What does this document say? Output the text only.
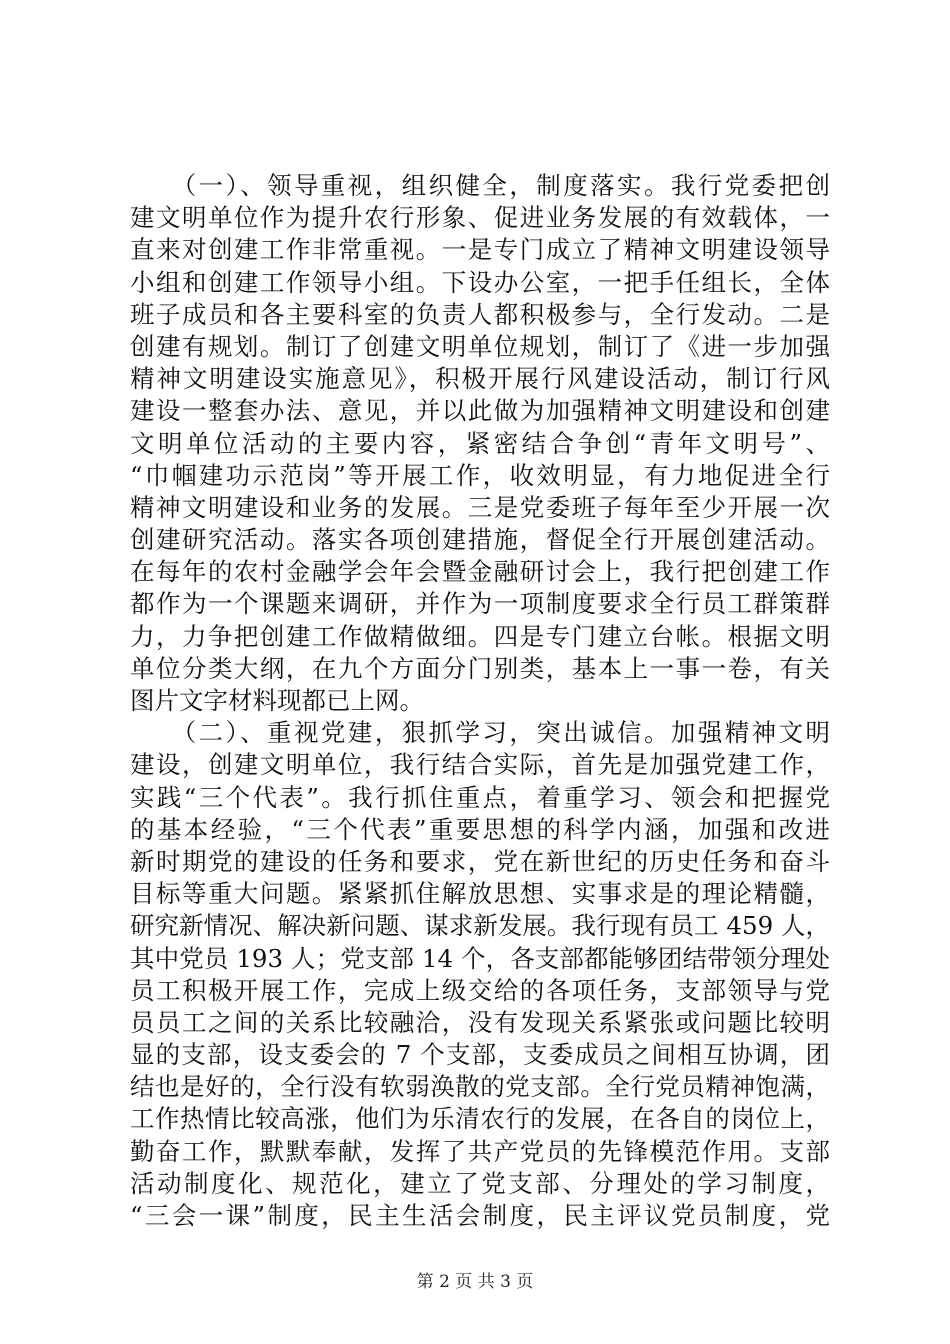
　　（一）、领导重视，组织健全，制度落实。我行党委把创
建文明单位作为提升农行形象、促进业务发展的有效载体，一
直来对创建工作非常重视。一是专门成立了精神文明建设领导
小组和创建工作领导小组。下设办公室，一把手任组长，全体
班子成员和各主要科室的负责人都积极参与，全行发动。二是
创建有规划。制订了创建文明单位规划，制订了《进一步加强
精神文明建设实施意见》，积极开展行风建设活动，制订行风
建设一整套办法、意见，并以此做为加强精神文明建设和创建
文明单位活动的主要内容，紧密结合争创“青年文明号”、
“巾帼建功示范岗”等开展工作，收效明显，有力地促进全行
精神文明建设和业务的发展。三是党委班子每年至少开展一次
创建研究活动。落实各项创建措施，督促全行开展创建活动。
在每年的农村金融学会年会暨金融研讨会上，我行把创建工作
都作为一个课题来调研，并作为一项制度要求全行员工群策群
力，力争把创建工作做精做细。四是专门建立台帐。根据文明
单位分类大纲，在九个方面分门别类，基本上一事一卷，有关
图片文字材料现都已上网。
　　（二）、重视党建，狠抓学习，突出诚信。加强精神文明
建设，创建文明单位，我行结合实际，首先是加强党建工作，
实践“三个代表”。我行抓住重点，着重学习、领会和把握党
的基本经验，“三个代表”重要思想的科学内涵，加强和改进
新时期党的建设的任务和要求，党在新世纪的历史任务和奋斗
目标等重大问题。紧紧抓住解放思想、实事求是的理论精髓，
研究新情况、解决新问题、谋求新发展。我行现有员工 459 人，
其中党员 193 人；党支部 14 个，各支部都能够团结带领分理处
员工积极开展工作，完成上级交给的各项任务，支部领导与党
员员工之间的关系比较融洽，没有发现关系紧张或问题比较明
显的支部，设支委会的 7 个支部，支委成员之间相互协调，团
结也是好的，全行没有软弱涣散的党支部。全行党员精神饱满，
工作热情比较高涨，他们为乐清农行的发展，在各自的岗位上，
勤奋工作，默默奉献，发挥了共产党员的先锋模范作用。支部
活动制度化、规范化，建立了党支部、分理处的学习制度，
“三会一课”制度，民主生活会制度，民主评议党员制度，党
第 2 页 共 3 页
